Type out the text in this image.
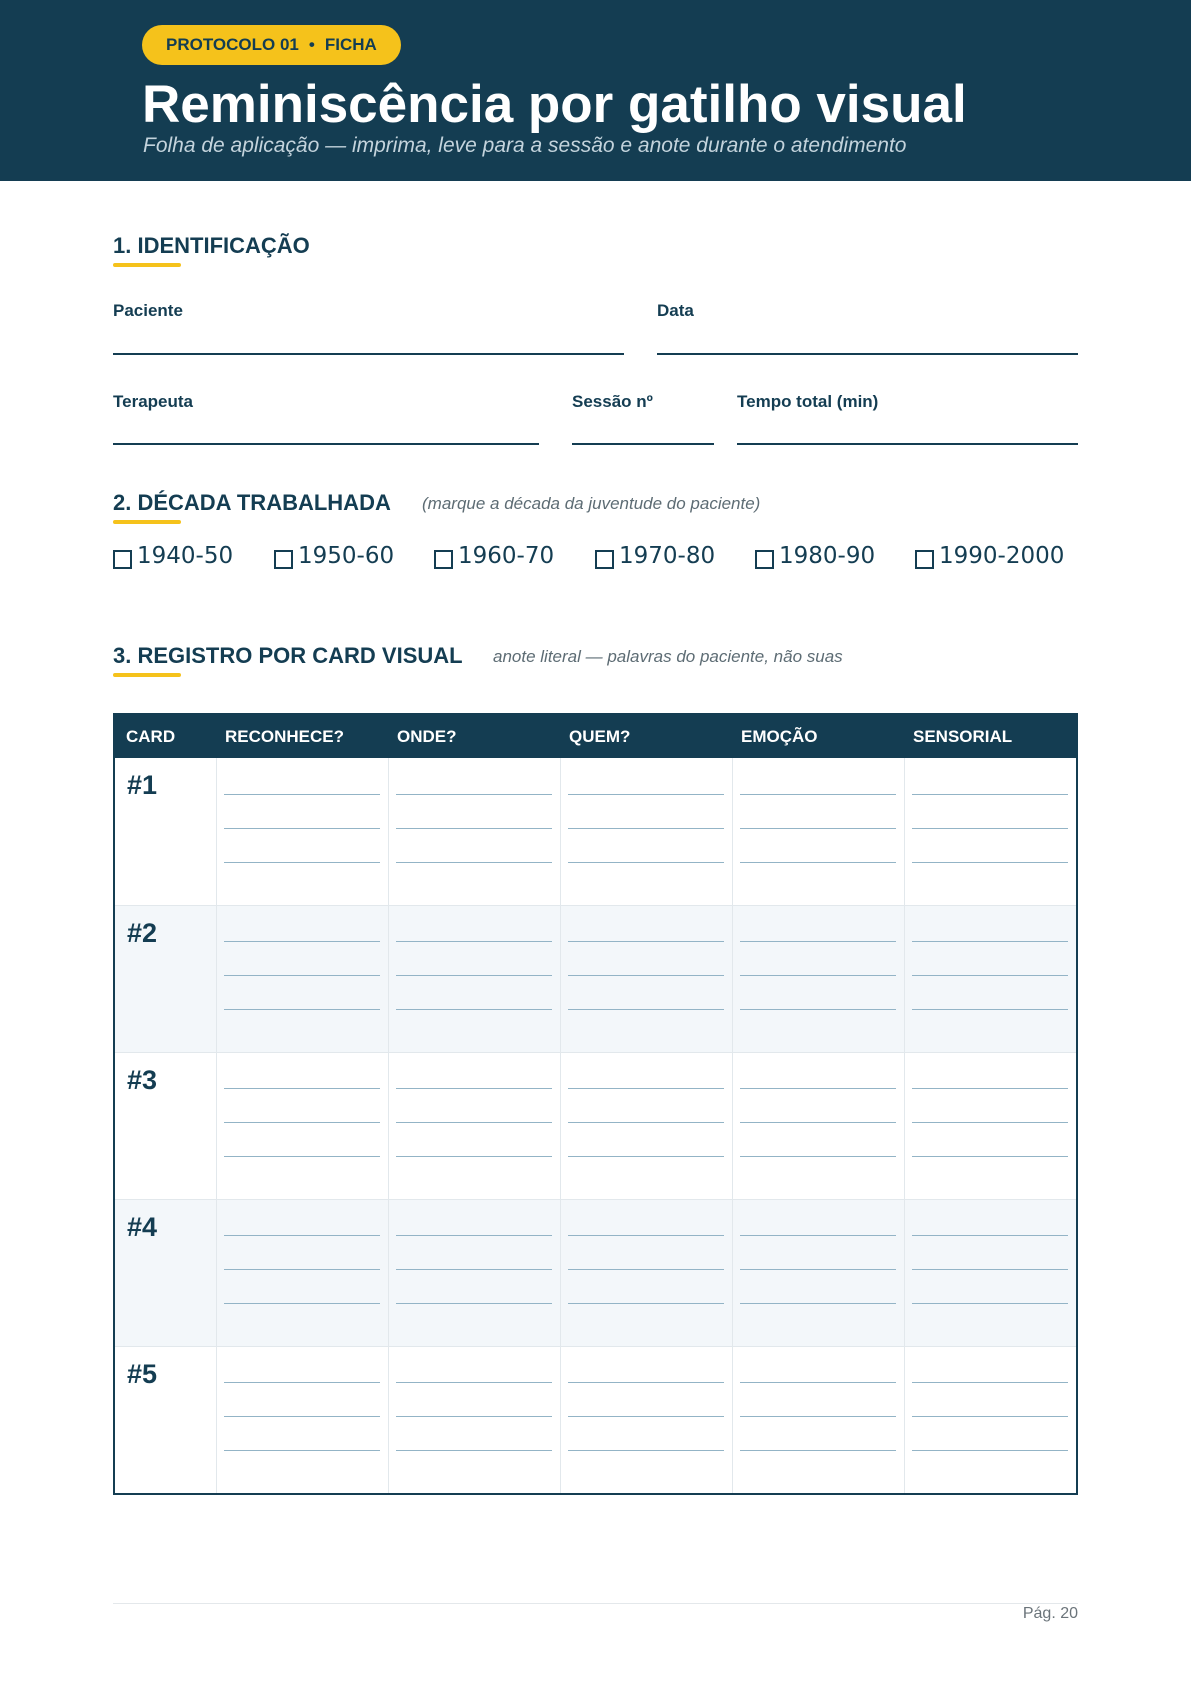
PROTOCOLO 01 • FICHA
Reminiscência por gatilho visual
Folha de aplicação — imprima, leve para a sessão e anote durante o atendimento
1. IDENTIFICAÇÃO
Paciente	Data
Terapeuta	Sessão nº	Tempo total (min)
2. DÉCADA TRABALHADA (marque a década da juventude do paciente)
1940-50	1950-60	1960-70	1970-80	1980-90	1990-2000
3. REGISTRO POR CARD VISUAL anote literal — palavras do paciente, não suas
CARD	RECONHECE?	ONDE?	QUEM?	EMOÇÃO	SENSORIAL
#1
#2
#3
#4
#5
Pág. 20
